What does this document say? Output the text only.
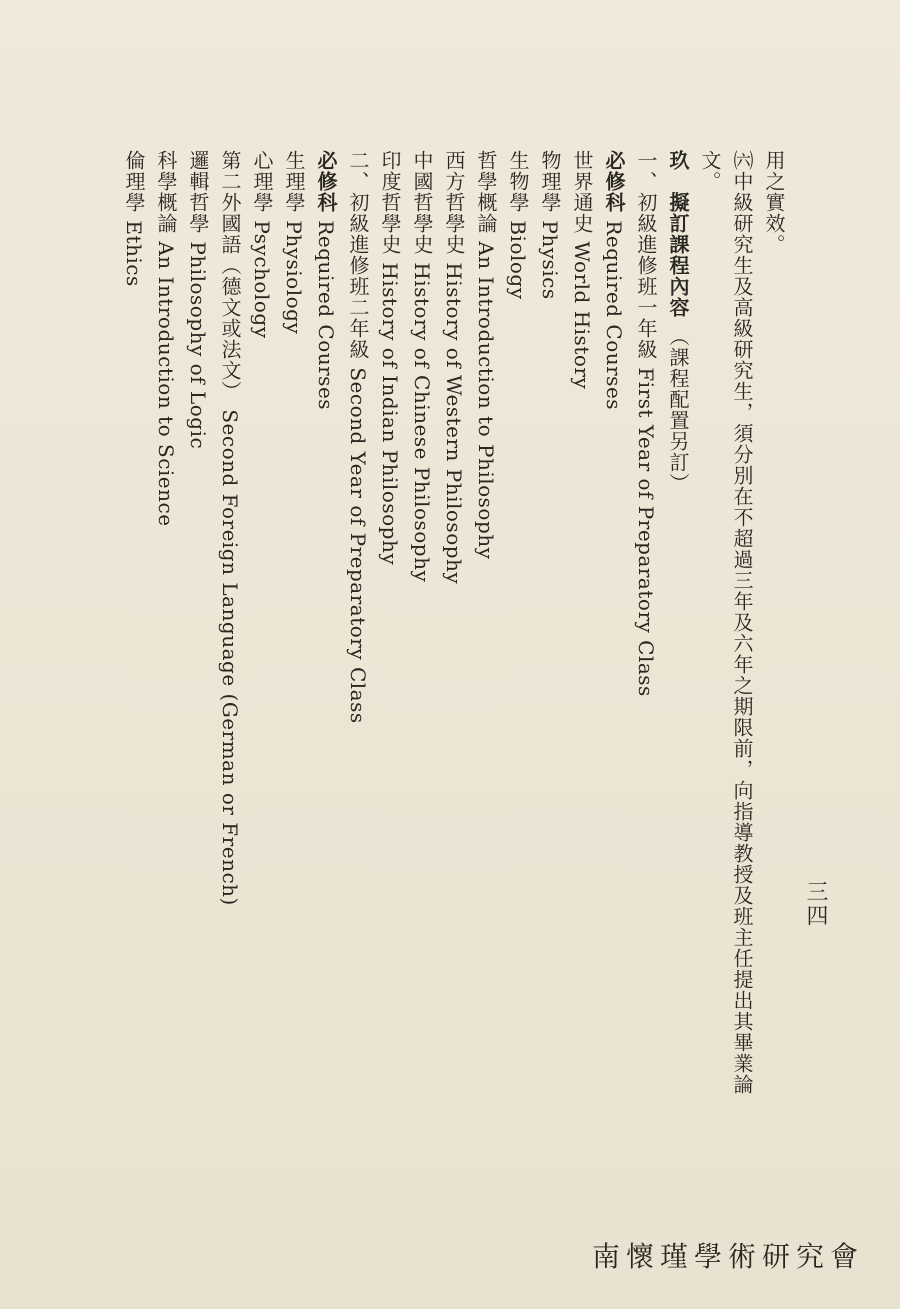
三四
用之實效。
㈥中級研究生及高級研究生，須分別在不超過三年及六年之期限前，向指導教授及班主任提出其畢業論
文。
玖　擬訂課程內容 （課程配置另訂）
一、初級進修班一年級 First Year of Preparatory Class
必修科 Required Courses
世界通史 World History
物理學 Physics
生物學 Biology
哲學概論 An Introduction to Philosophy
西方哲學史 History of Western Philosophy
中國哲學史 History of Chinese Philosophy
印度哲學史 History of Indian Philosophy
二、初級進修班二年級 Second Year of Preparatory Class
必修科 Required Courses
生理學 Physiology
心理學 Psychology
第二外國語（德文或法文） Second Foreign Language (German or French)
邏輯哲學 Philosophy of Logic
科學概論 An Introduction to Science
倫理學 Ethics
南懷瑾學術研究會
